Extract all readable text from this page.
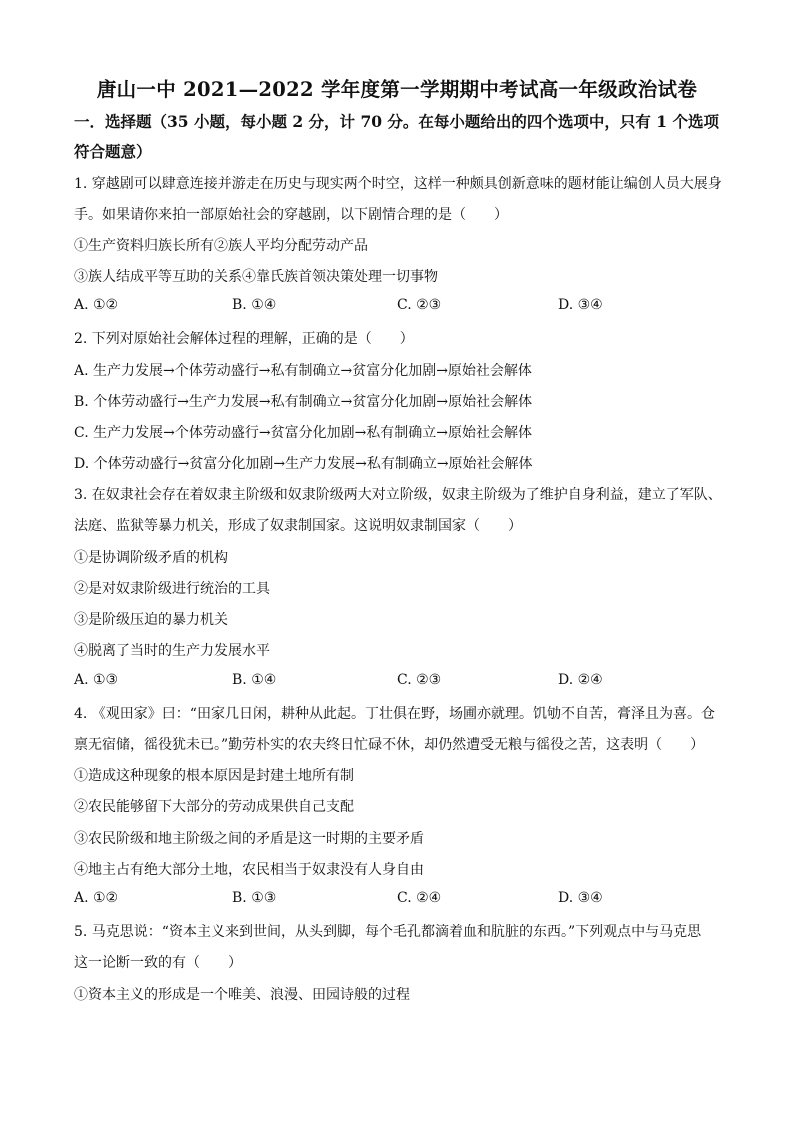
唐山一中 2021—2022 学年度第一学期期中考试高一年级政治试卷
一．选择题（35 小题，每小题 2 分，计 70 分。在每小题给出的四个选项中，只有 1 个选项
符合题意）
1. 穿越剧可以肆意连接并游走在历史与现实两个时空，这样一种颇具创新意味的题材能让编创人员大展身
手。如果请你来拍一部原始社会的穿越剧，以下剧情合理的是（　　）
①生产资料归族长所有②族人平均分配劳动产品
③族人结成平等互助的关系④靠氏族首领决策处理一切事物
A. ①②	B. ①④	C. ②③	D. ③④
2. 下列对原始社会解体过程的理解，正确的是（　　）
A. 生产力发展→个体劳动盛行→私有制确立→贫富分化加剧→原始社会解体
B. 个体劳动盛行→生产力发展→私有制确立→贫富分化加剧→原始社会解体
C. 生产力发展→个体劳动盛行→贫富分化加剧→私有制确立→原始社会解体
D. 个体劳动盛行→贫富分化加剧→生产力发展→私有制确立→原始社会解体
3. 在奴隶社会存在着奴隶主阶级和奴隶阶级两大对立阶级，奴隶主阶级为了维护自身利益，建立了军队、
法庭、监狱等暴力机关，形成了奴隶制国家。这说明奴隶制国家（　　）
①是协调阶级矛盾的机构
②是对奴隶阶级进行统治的工具
③是阶级压迫的暴力机关
④脱离了当时的生产力发展水平
A. ①③	B. ①④	C. ②③	D. ②④
4. 《观田家》曰：“田家几日闲，耕种从此起。丁壮俱在野，场圃亦就理。饥劬不自苦，膏泽且为喜。仓
禀无宿储，徭役犹未已。”勤劳朴实的农夫终日忙碌不休，却仍然遭受无粮与徭役之苦，这表明（　　）
①造成这种现象的根本原因是封建土地所有制
②农民能够留下大部分的劳动成果供自己支配
③农民阶级和地主阶级之间的矛盾是这一时期的主要矛盾
④地主占有绝大部分土地，农民相当于奴隶没有人身自由
A. ①②	B. ①③	C. ②④	D. ③④
5. 马克思说：“资本主义来到世间，从头到脚，每个毛孔都滴着血和肮脏的东西。”下列观点中与马克思
这一论断一致的有（　　）
①资本主义的形成是一个唯美、浪漫、田园诗般的过程
